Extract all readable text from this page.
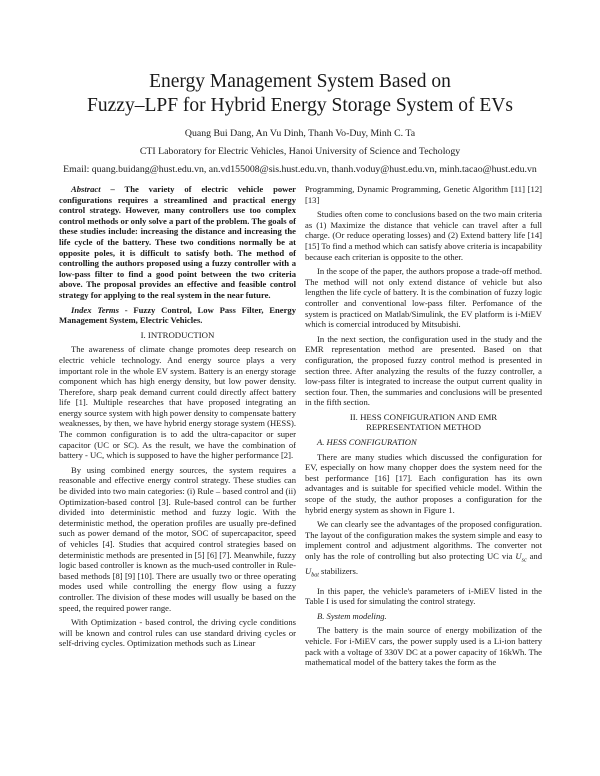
Energy Management System Based on
Fuzzy–LPF for Hybrid Energy Storage System of EVs
Quang Bui Dang, An Vu Dinh, Thanh Vo-Duy, Minh C. Ta
CTI Laboratory for Electric Vehicles, Hanoi University of Science and Techology
Email: quang.buidang@hust.edu.vn, an.vd155008@sis.hust.edu.vn, thanh.voduy@hust.edu.vn, minh.tacao@hust.edu.vn

Abstract – The variety of electric vehicle power configurations requires a streamlined and practical energy control strategy. However, many controllers use too complex control methods or only solve a part of the problem. The goals of these studies include: increasing the distance and increasing the life cycle of the battery. These two conditions normally be at opposite poles, it is difficult to satisfy both. The method of controlling the authors proposed using a fuzzy controller with a low-pass filter to find a good point between the two criteria above. The proposal provides an effective and feasible control strategy for applying to the real system in the near future.

Index Terms - Fuzzy Control, Low Pass Filter, Energy Management System, Electric Vehicles.

I. INTRODUCTION

The awareness of climate change promotes deep research on electric vehicle technology. And energy source plays a very important role in the whole EV system. Battery is an energy storage component which has high energy density, but low power density. Therefore, sharp peak demand current could directly affect battery life [1]. Multiple researches that have proposed integrating an energy source system with high power density to compensate battery weaknesses, by then, we have hybrid energy storage system (HESS). The common configuration is to add the ultra-capacitor or super capacitor (UC or SC). As the result, we have the combination of battery - UC, which is supposed to have the higher performance [2].

By using combined energy sources, the system requires a reasonable and effective energy control strategy. These studies can be divided into two main categories: (i) Rule – based control and (ii) Optimization-based control [3]. Rule-based control can be further divided into deterministic method and fuzzy logic. With the deterministic method, the operation profiles are usually pre-defined such as power demand of the motor, SOC of supercapacitor, speed of vehicles [4]. Studies that acquired control strategies based on deterministic methods are presented in [5] [6] [7]. Meanwhile, fuzzy logic based controller is known as the much-used controller in Rule-based methods [8] [9] [10]. There are usually two or three operating modes used while controlling the energy flow using a fuzzy controller. The division of these modes will usually be based on the speed, the required power range.

With Optimization - based control, the driving cycle conditions will be known and control rules can use standard driving cycles or self-driving cycles. Optimization methods such as Linear

Programming, Dynamic Programming, Genetic Algorithm [11] [12] [13]

Studies often come to conclusions based on the two main criteria as (1) Maximize the distance that vehicle can travel after a full charge. (Or reduce operating losses) and (2) Extend battery life [14] [15] To find a method which can satisfy above criteria is incapability because each criterian is opposite to the other.

In the scope of the paper, the authors propose a trade-off method. The method will not only extend distance of vehicle but also lengthen the life cycle of battery. It is the combination of fuzzy logic controller and conventional low-pass filter. Perfomance of the system is practiced on Matlab/Simulink, the EV platform is i-MiEV which is comercial introduced by Mitsubishi.

In the next section, the configuration used in the study and the EMR representation method are presented. Based on that configuration, the proposed fuzzy control method is presented in section three. After analyzing the results of the fuzzy controller, a low-pass filter is integrated to increase the output current quality in section four. Then, the summaries and conclusions will be presented in the fifth section.

II. HESS CONFIGURATION AND EMR
REPRESENTATION METHOD
A. HESS CONFIGURATION

There are many studies which discussed the configuration for EV, especially on how many chopper does the system need for the best performance [16] [17]. Each configuration has its own advantages and is suitable for specified vehicle model. Within the scope of the study, the author proposes a configuration for the hybrid energy system as shown in Figure 1.

We can clearly see the advantages of the proposed configuration. The layout of the configuration makes the system simple and easy to implement control and adjustment algorithms. The converter not only has the role of controlling but also protecting UC via $U_{sc}$ and $U_{bat}$ stabilizers.

In this paper, the vehicle's parameters of i-MiEV listed in the Table I is used for simulating the control strategy.

B. System modeling.

The battery is the main source of energy mobilization of the vehicle. For i-MiEV cars, the power supply used is a Li-ion battery pack with a voltage of 330V DC at a power capacity of 16kWh. The mathematical model of the battery takes the form as the
